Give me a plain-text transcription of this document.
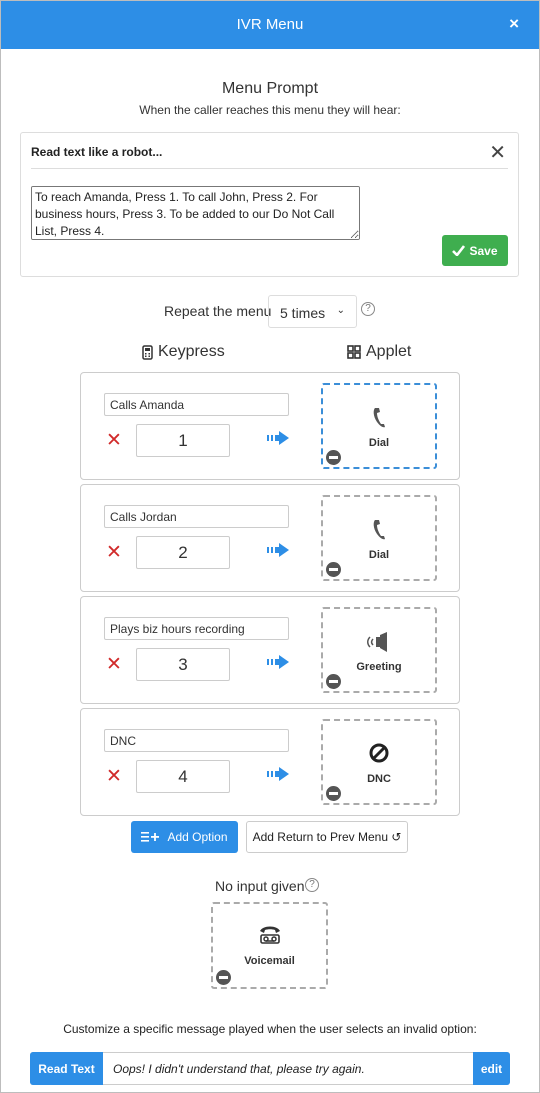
IVR Menu	×
Menu Prompt
When the caller reaches this menu they will hear:
Read text like a robot...	✕
To reach Amanda, Press 1. To call John, Press 2. For business hours, Press 3. To be added to our Do Not Call List, Press 4.
Save
Repeat the menu 5 times ⌄	?
Keypress	Applet
Calls Amanda
✕	1	Dial
Calls Jordan
✕	2	Dial
Plays biz hours recording
✕	3	Greeting
DNC
✕	4	DNC
Add Option	Add Return to Prev Menu ↺
No input given ?
Voicemail
Customize a specific message played when the user selects an invalid option:
Read Text	Oops! I didn't understand that, please try again.	edit
